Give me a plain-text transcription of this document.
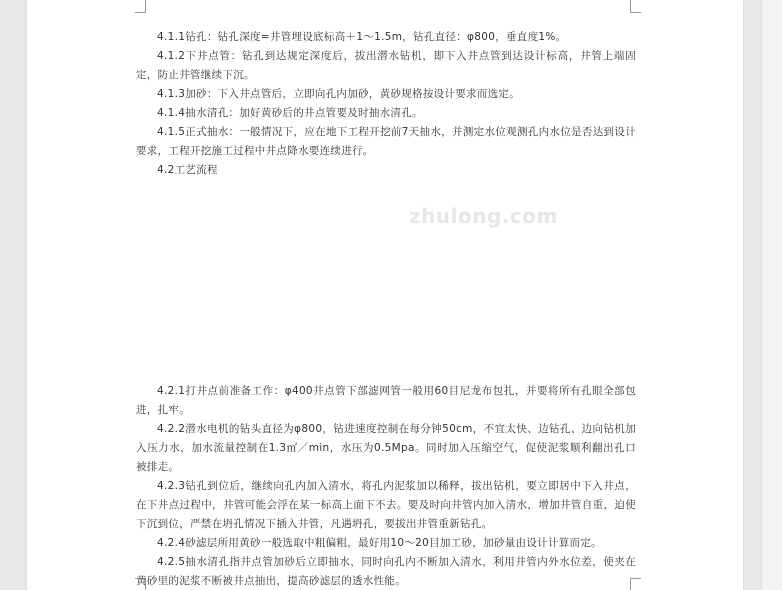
zhulong.com

4.1.1钻孔：钻孔深度=井管埋设底标高＋1～1.5m，钻孔直径：φ800，垂直度1%。

4.1.2下井点管：钻孔到达规定深度后，拔出潜水钻机，即下入井点管到达设计标高，井管上端固定，防止井管继续下沉。

4.1.3加砂：下入井点管后，立即向孔内加砂，黄砂规格按设计要求而选定。

4.1.4抽水清孔：加好黄砂后的井点管要及时抽水清孔。

4.1.5正式抽水：一般情况下，应在地下工程开挖前7天抽水，并测定水位观测孔内水位是否达到设计要求，工程开挖施工过程中井点降水要连续进行。

4.2工艺流程

4.2.1打井点前准备工作：φ400井点管下部滤网管一般用60目尼龙布包扎，并要将所有孔眼全部包进，扎牢。

4.2.2潜水电机的钻头直径为φ800，钻进速度控制在每分钟50cm，不宜太快、边钻孔、边向钻机加入压力水，加水流量控制在1.3㎡／min，水压为0.5Mpa。同时加入压缩空气，促使泥浆顺利翻出孔口被排走。

4.2.3钻孔到位后，继续向孔内加入清水，将孔内泥浆加以稀释，拔出钻机，要立即居中下入井点，在下井点过程中，井管可能会浮在某一标高上面下不去。要及时向井管内加入清水，增加井管自重，迫使下沉到位，严禁在坍孔情况下插入井管，凡遇坍孔，要拔出井管重新钻孔。

4.2.4砂滤层所用黄砂一般选取中粗偏粗，最好用10～20目加工砂，加砂量由设计计算而定。

4.2.5抽水清孔指井点管加砂后立即抽水，同时向孔内不断加入清水，利用井管内外水位差，使夹在黄砂里的泥浆不断被井点抽出，提高砂滤层的透水性能。
